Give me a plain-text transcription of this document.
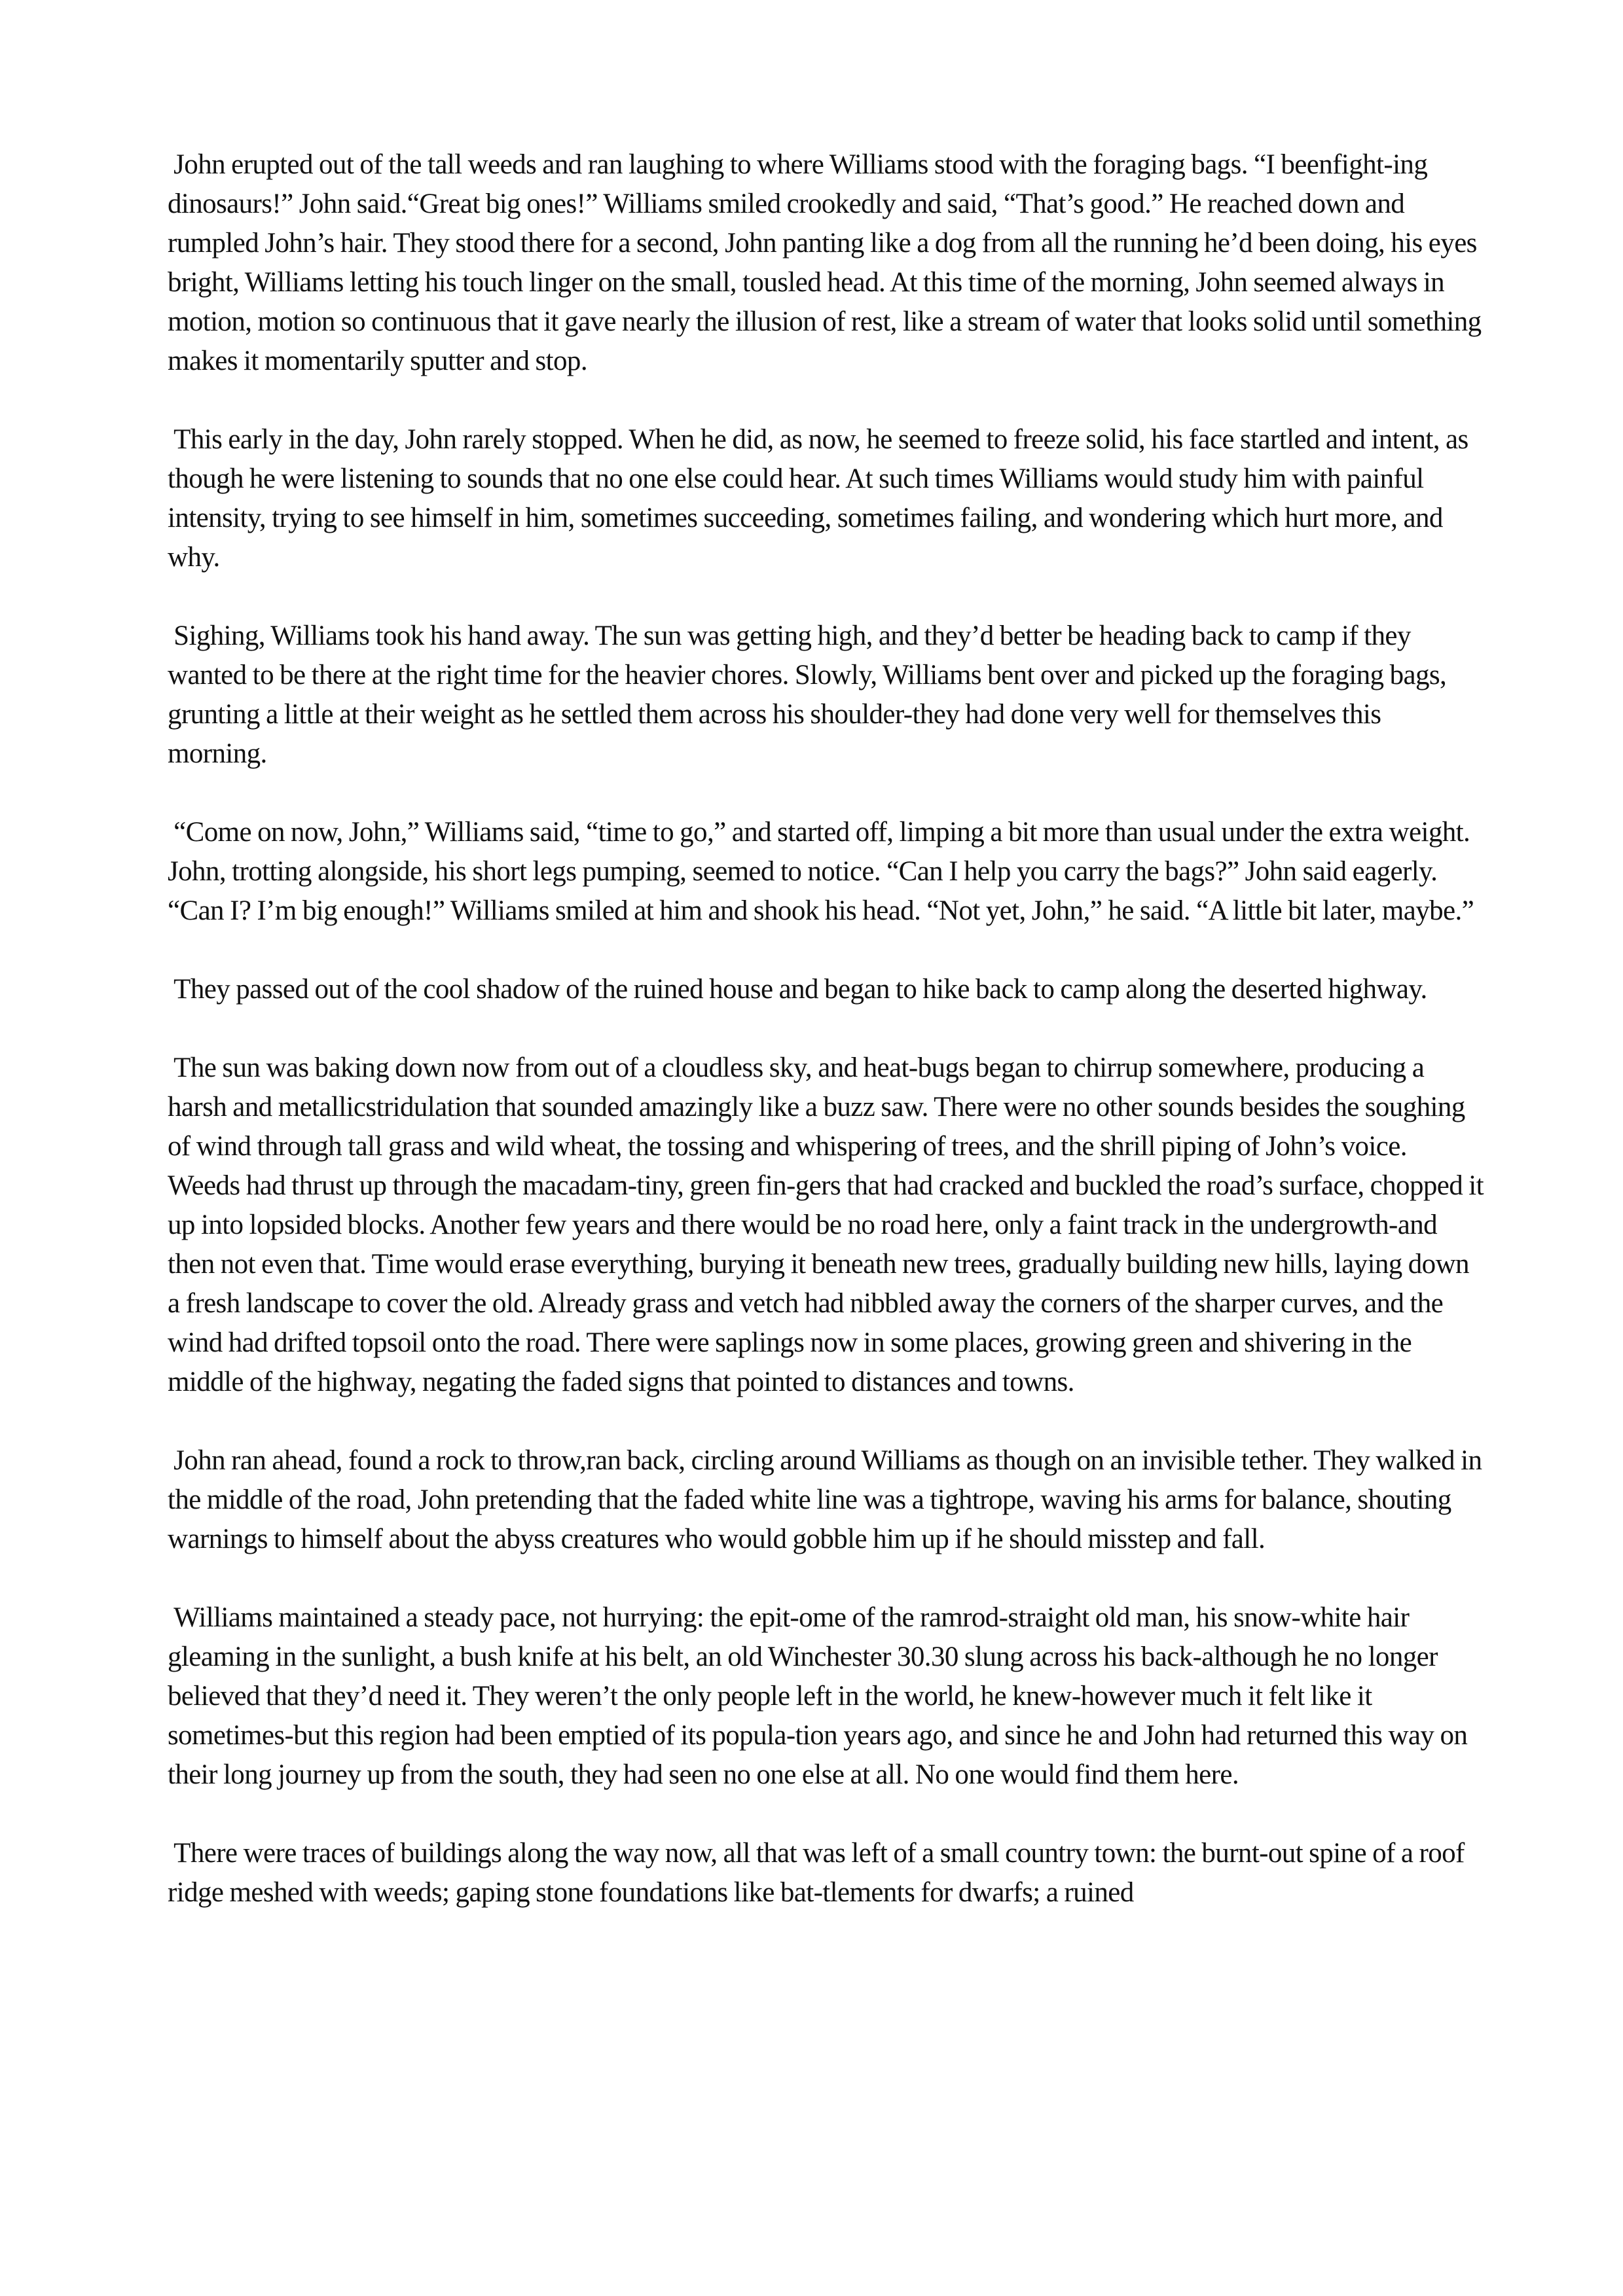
John erupted out of the tall weeds and ran laughing to where Williams stood with the foraging bags. “I beenfight-ing dinosaurs!” John said.“Great big ones!” Williams smiled crookedly and said, “That’s good.” He reached down and rumpled John’s hair. They stood there for a second, John panting like a dog from all the running he’d been doing, his eyes bright, Williams letting his touch linger on the small, tousled head. At this time of the morning, John seemed always in motion, motion so continuous that it gave nearly the illusion of rest, like a stream of water that looks solid until something makes it momentarily sputter and stop.

This early in the day, John rarely stopped. When he did, as now, he seemed to freeze solid, his face startled and intent, as though he were listening to sounds that no one else could hear. At such times Williams would study him with painful intensity, trying to see himself in him, sometimes succeeding, sometimes failing, and wondering which hurt more, and why.

Sighing, Williams took his hand away. The sun was getting high, and they’d better be heading back to camp if they wanted to be there at the right time for the heavier chores. Slowly, Williams bent over and picked up the foraging bags, grunting a little at their weight as he settled them across his shoulder-they had done very well for themselves this morning.

“Come on now, John,” Williams said, “time to go,” and started off, limping a bit more than usual under the extra weight. John, trotting alongside, his short legs pumping, seemed to notice. “Can I help you carry the bags?” John said eagerly. “Can I? I’m big enough!” Williams smiled at him and shook his head. “Not yet, John,” he said. “A little bit later, maybe.”

They passed out of the cool shadow of the ruined house and began to hike back to camp along the deserted highway.

The sun was baking down now from out of a cloudless sky, and heat-bugs began to chirrup somewhere, producing a harsh and metallicstridulation that sounded amazingly like a buzz saw. There were no other sounds besides the soughing of wind through tall grass and wild wheat, the tossing and whispering of trees, and the shrill piping of John’s voice. Weeds had thrust up through the macadam-tiny, green fin-gers that had cracked and buckled the road’s surface, chopped it up into lopsided blocks. Another few years and there would be no road here, only a faint track in the undergrowth-and then not even that. Time would erase everything, burying it beneath new trees, gradually building new hills, laying down a fresh landscape to cover the old. Already grass and vetch had nibbled away the corners of the sharper curves, and the wind had drifted topsoil onto the road. There were saplings now in some places, growing green and shivering in the middle of the highway, negating the faded signs that pointed to distances and towns.

John ran ahead, found a rock to throw,ran back, circling around Williams as though on an invisible tether. They walked in the middle of the road, John pretending that the faded white line was a tightrope, waving his arms for balance, shouting warnings to himself about the abyss creatures who would gobble him up if he should misstep and fall.

Williams maintained a steady pace, not hurrying: the epit-ome of the ramrod-straight old man, his snow-white hair gleaming in the sunlight, a bush knife at his belt, an old Winchester 30.30 slung across his back-although he no longer believed that they’d need it. They weren’t the only people left in the world, he knew-however much it felt like it sometimes-but this region had been emptied of its popula-tion years ago, and since he and John had returned this way on their long journey up from the south, they had seen no one else at all. No one would find them here.

There were traces of buildings along the way now, all that was left of a small country town: the burnt-out spine of a roof ridge meshed with weeds; gaping stone foundations like bat-tlements for dwarfs; a ruined
